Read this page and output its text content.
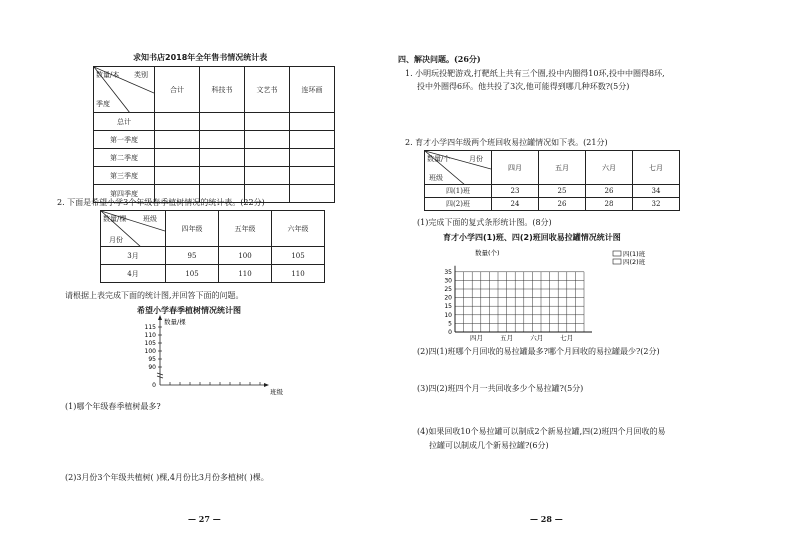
求知书店2018年全年售书情况统计表
数量/本 类别
季度	合计	科技书	文艺书	连环画
总计				
第一季度				
第二季度				
第三季度				
第四季度				
2. 下面是希望小学3个年级春季植树情况的统计表。(22分)
数量/棵 班级
月份	四年级	五年级	六年级
3月	95	100	105
4月	105	110	110
请根据上表完成下面的统计图,并回答下面的问题。
希望小学春季植树情况统计图
数量/棵
115
110
105
100
95
90
0
班级
(1)哪个年级春季植树最多?
(2)3月份3个年级共植树( )棵,4月份比3月份多植树( )棵。
— 27 —
四、解决问题。(26分)
1. 小明玩投靶游戏,打靶纸上共有三个圈,投中内圈得10环,投中中圈得8环,
投中外圈得6环。他共投了3次,他可能得到哪几种环数?(5分)
2. 育才小学四年级两个班回收易拉罐情况如下表。(21分)
数量/个 月份
班级	四月	五月	六月	七月
四(1)班	23	25	26	34
四(2)班	24	26	28	32
(1)完成下面的复式条形统计图。(8分)
育才小学四(1)班、四(2)班回收易拉罐情况统计图
0
5
10
15
20
25
30
35
四月	五月	六月	七月
数量(个)	四(1)班
四(2)班
(2)四(1)班哪个月回收的易拉罐最多?哪个月回收的易拉罐最少?(2分)
(3)四(2)班四个月一共回收多少个易拉罐?(5分)
(4)如果回收10个易拉罐可以制成2个新易拉罐,四(2)班四个月回收的易
拉罐可以制成几个新易拉罐?(6分)
— 28 —
